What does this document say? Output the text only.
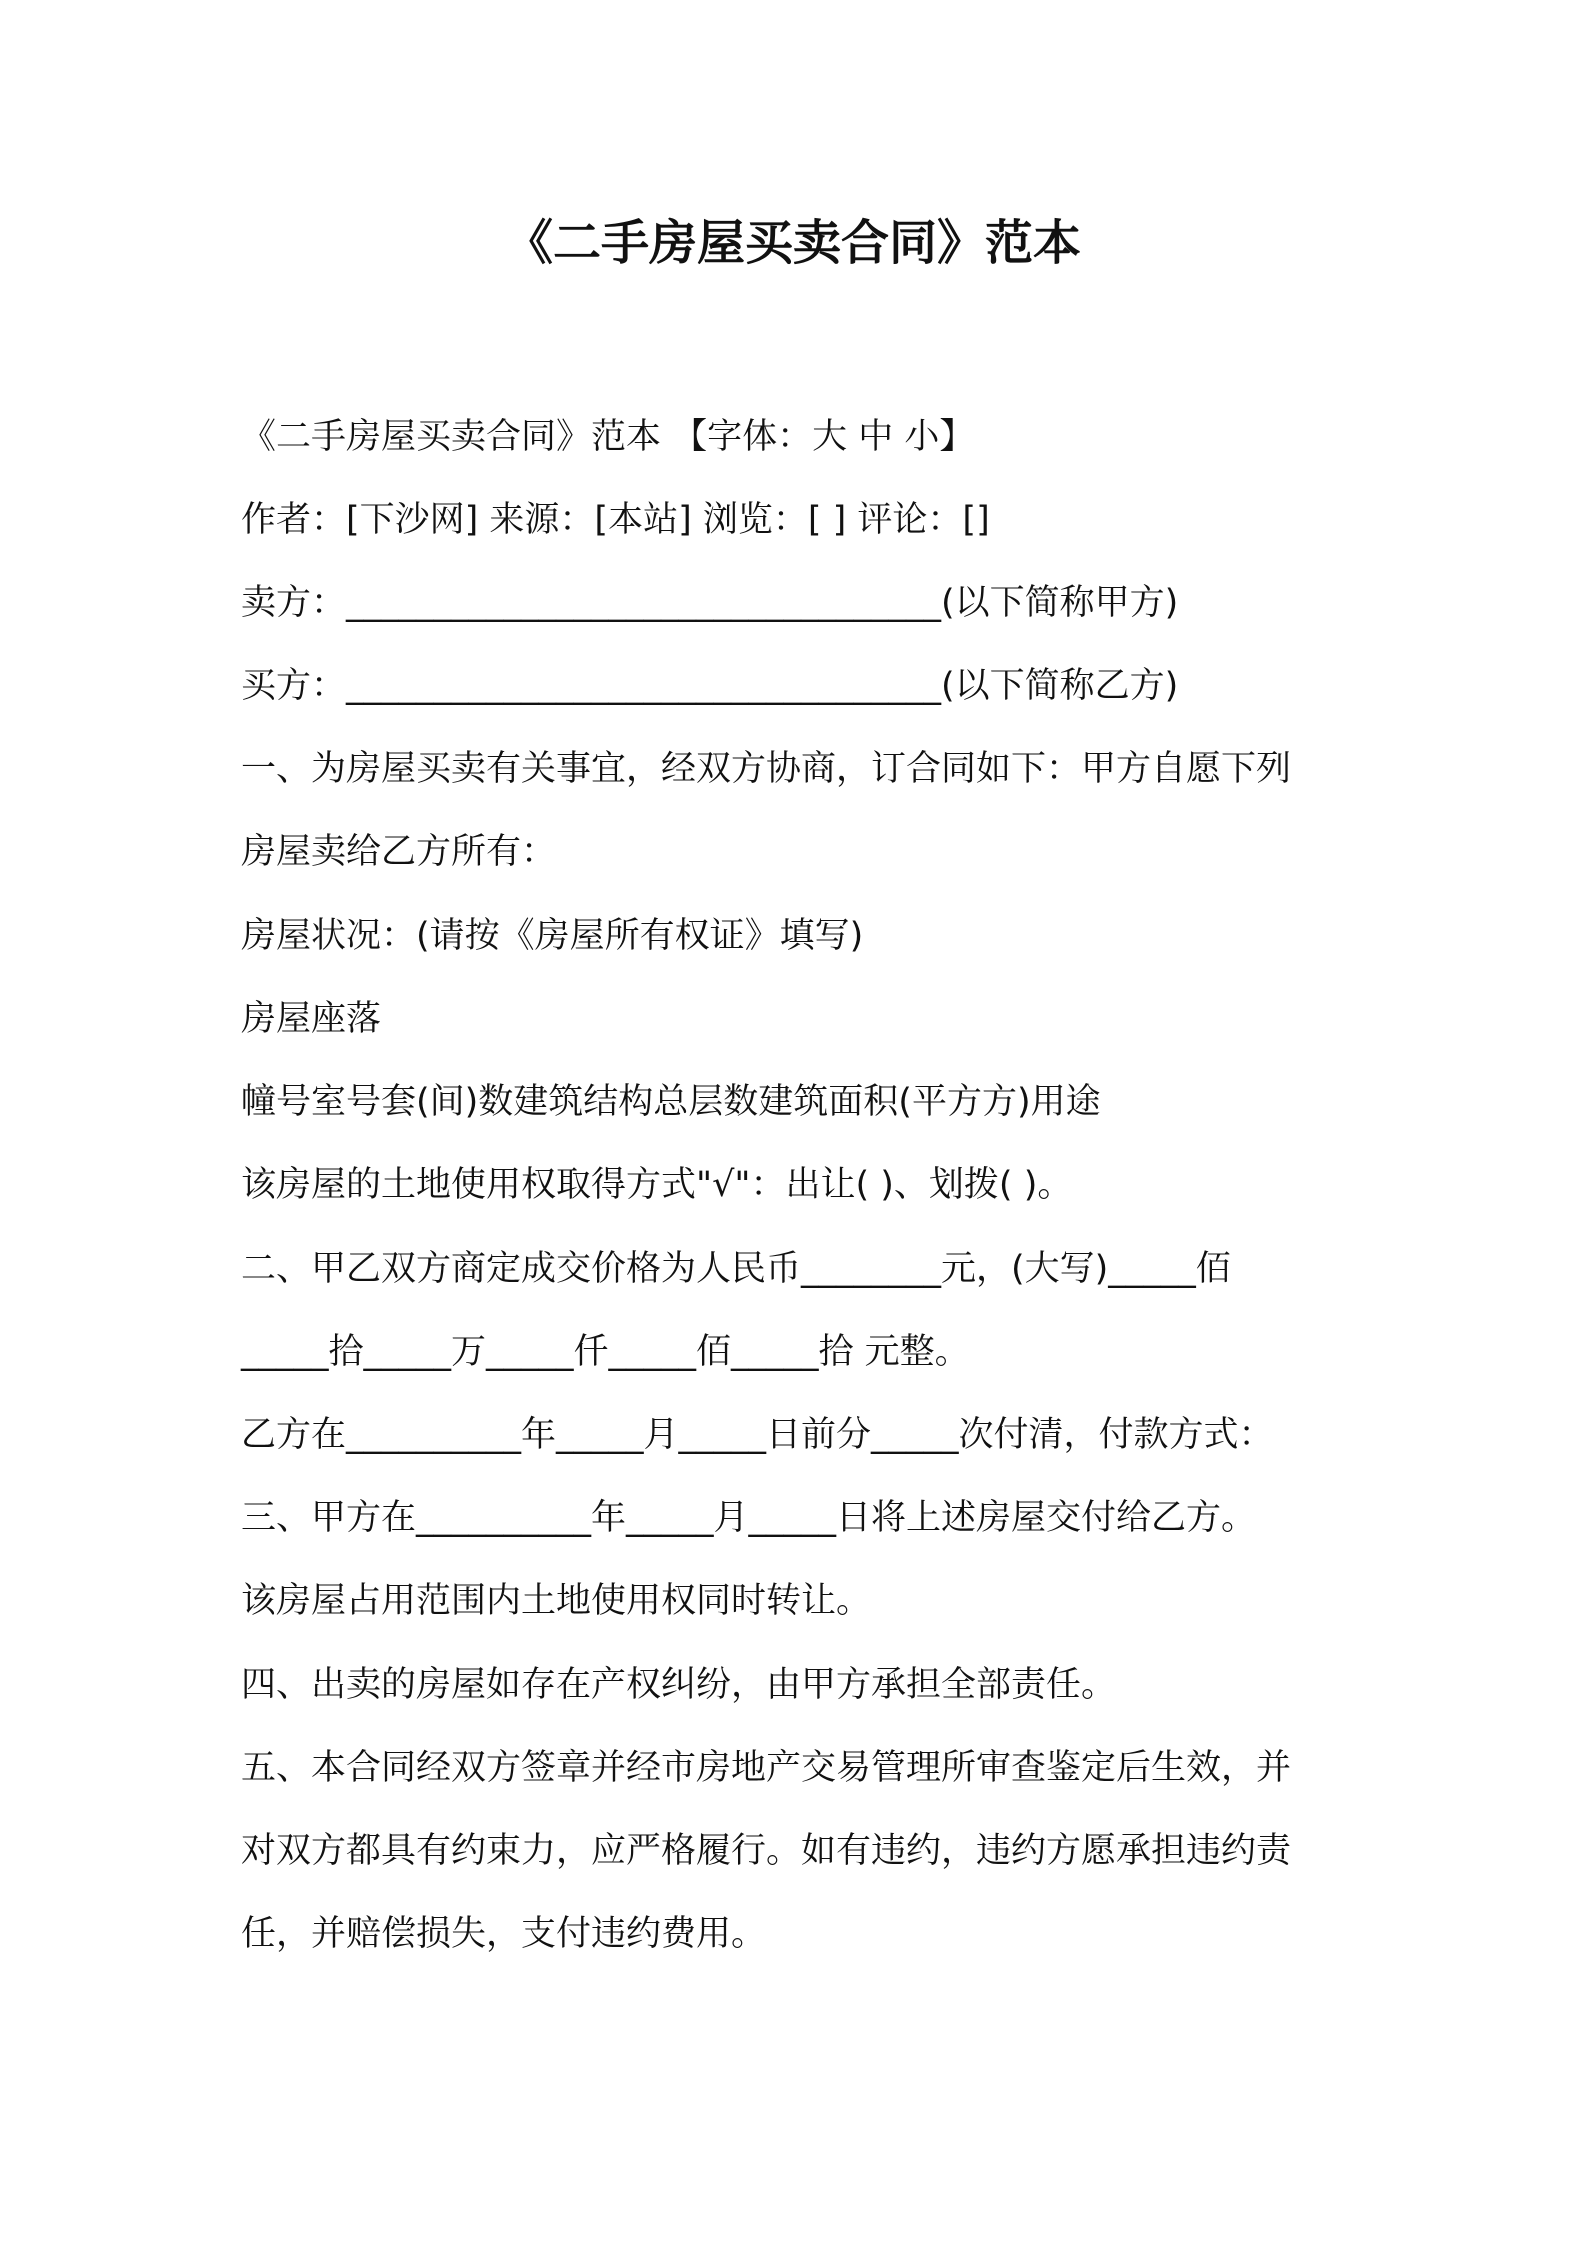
《二手房屋买卖合同》范本
《二手房屋买卖合同》范本 【字体：大 中 小】
作者：[下沙网] 来源：[本站] 浏览：[ ] 评论：[]
卖方：__________________________________(以下简称甲方)
买方：__________________________________(以下简称乙方)
一、为房屋买卖有关事宜，经双方协商，订合同如下：甲方自愿下列
房屋卖给乙方所有：
房屋状况：(请按《房屋所有权证》填写)
房屋座落
幢号室号套(间)数建筑结构总层数建筑面积(平方方)用途
该房屋的土地使用权取得方式"√"：出让( )、划拨( )。
二、甲乙双方商定成交价格为人民币________元，(大写)_____佰
_____拾_____万_____仟_____佰_____拾 元整。
乙方在__________年_____月_____日前分_____次付清，付款方式：
三、甲方在__________年_____月_____日将上述房屋交付给乙方。
该房屋占用范围内土地使用权同时转让。
四、出卖的房屋如存在产权纠纷，由甲方承担全部责任。
五、本合同经双方签章并经市房地产交易管理所审查鉴定后生效，并
对双方都具有约束力，应严格履行。如有违约，违约方愿承担违约责
任，并赔偿损失，支付违约费用。
